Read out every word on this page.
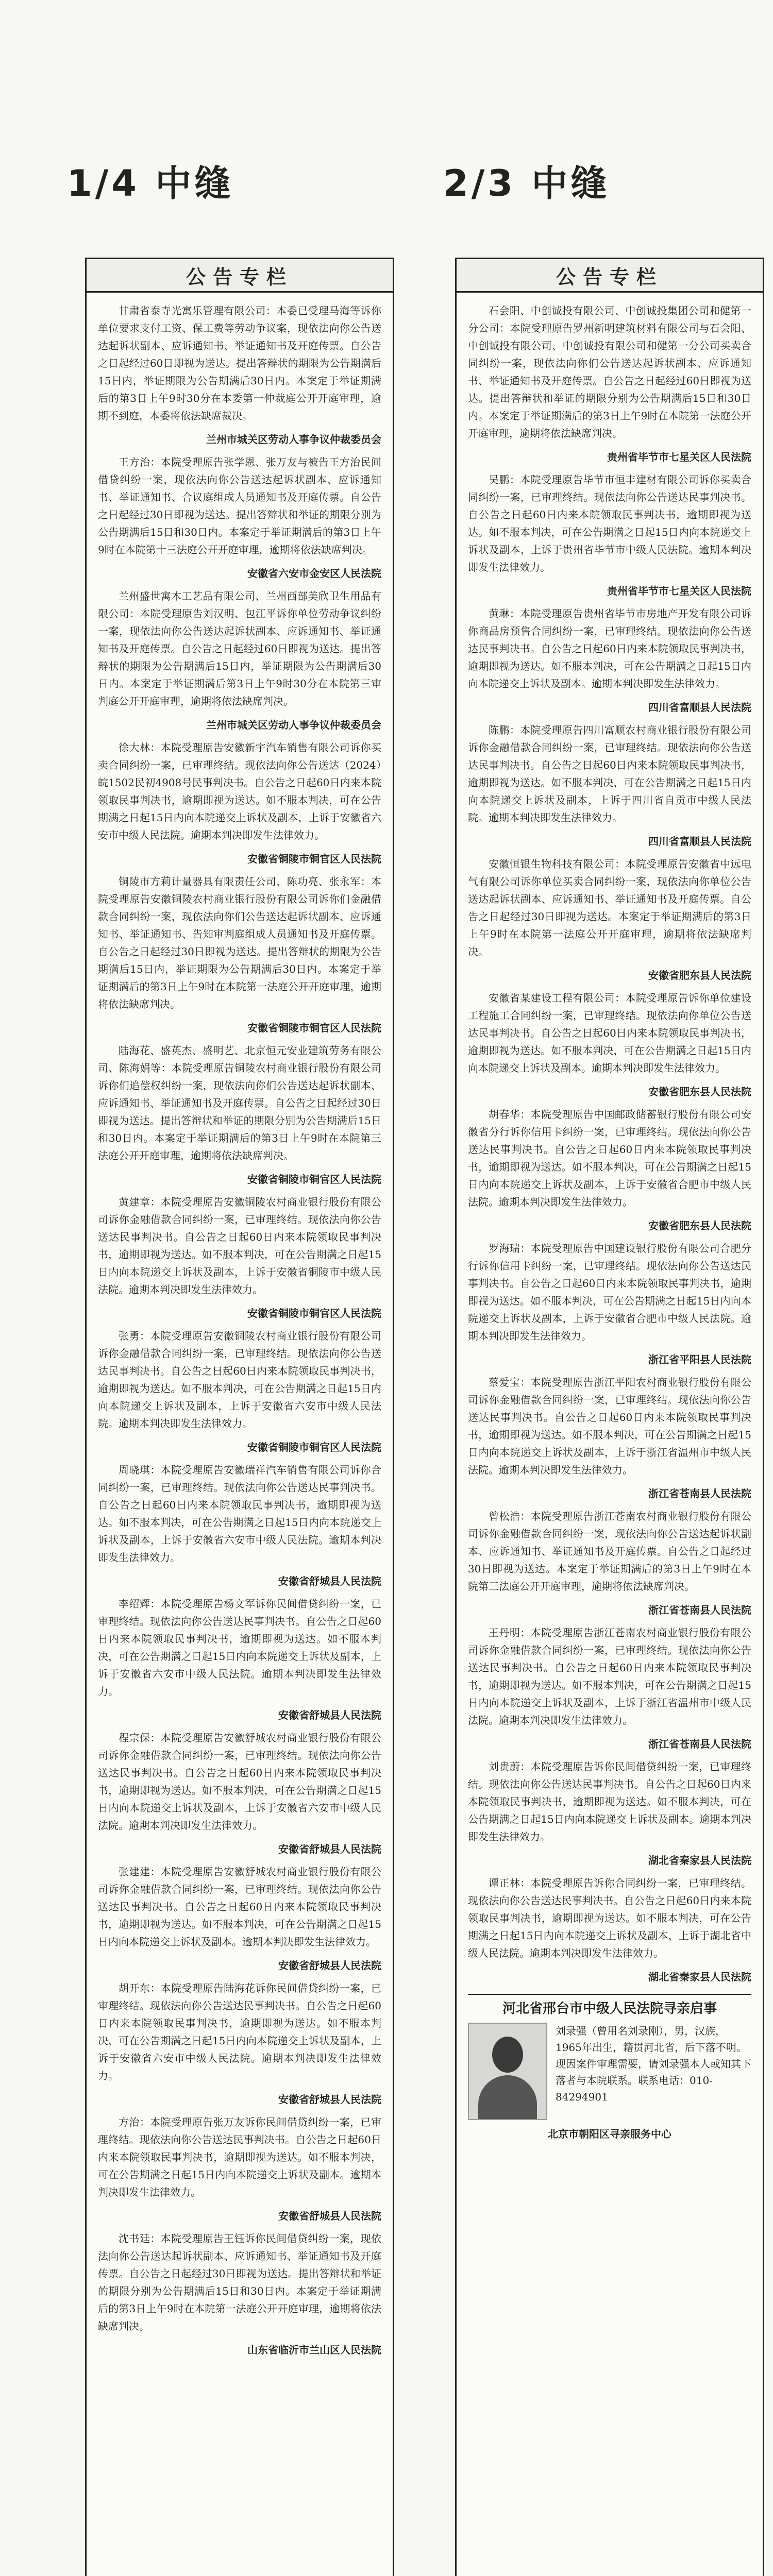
1/4 中缝	2/3 中缝
公告专栏

甘肃省泰寺光寓乐管理有限公司：本委已受理马海等诉你单位要求支付工资、保工费等劳动争议案，现依法向你公告送达起诉状副本、应诉通知书、举证通知书及开庭传票。自公告之日起经过60日即视为送达。提出答辩状的期限为公告期满后15日内，举证期限为公告期满后30日内。本案定于举证期满后的第3日上午9时30分在本委第一仲裁庭公开开庭审理，逾期不到庭，本委将依法缺席裁决。

兰州市城关区劳动人事争议仲裁委员会

王方治：本院受理原告张学恩、张万友与被告王方治民间借贷纠纷一案，现依法向你公告送达起诉状副本、应诉通知书、举证通知书、合议庭组成人员通知书及开庭传票。自公告之日起经过30日即视为送达。提出答辩状和举证的期限分别为公告期满后15日和30日内。本案定于举证期满后的第3日上午9时在本院第十三法庭公开开庭审理，逾期将依法缺席判决。

安徽省六安市金安区人民法院

兰州盛世寓木工艺品有限公司、兰州西部美欣卫生用品有限公司：本院受理原告刘汉明、包江平诉你单位劳动争议纠纷一案，现依法向你公告送达起诉状副本、应诉通知书、举证通知书及开庭传票。自公告之日起经过60日即视为送达。提出答辩状的期限为公告期满后15日内，举证期限为公告期满后30日内。本案定于举证期满后第3日上午9时30分在本院第三审判庭公开开庭审理，逾期将依法缺席判决。

兰州市城关区劳动人事争议仲裁委员会

徐大林：本院受理原告安徽新宇汽车销售有限公司诉你买卖合同纠纷一案，已审理终结。现依法向你公告送达（2024）皖1502民初4908号民事判决书。自公告之日起60日内来本院领取民事判决书，逾期即视为送达。如不服本判决，可在公告期满之日起15日内向本院递交上诉状及副本，上诉于安徽省六安市中级人民法院。逾期本判决即发生法律效力。

安徽省铜陵市铜官区人民法院

铜陵市方莉计量器具有限责任公司、陈功亮、张永军：本院受理原告安徽铜陵农村商业银行股份有限公司诉你们金融借款合同纠纷一案，现依法向你们公告送达起诉状副本、应诉通知书、举证通知书、告知审判庭组成人员通知书及开庭传票。自公告之日起经过30日即视为送达。提出答辩状的期限为公告期满后15日内，举证期限为公告期满后30日内。本案定于举证期满后的第3日上午9时在本院第一法庭公开开庭审理，逾期将依法缺席判决。

安徽省铜陵市铜官区人民法院

陆海花、盛英杰、盛明艺、北京恒元安业建筑劳务有限公司、陈海娟等：本院受理原告铜陵农村商业银行股份有限公司诉你们追偿权纠纷一案，现依法向你们公告送达起诉状副本、应诉通知书、举证通知书及开庭传票。自公告之日起经过30日即视为送达。提出答辩状和举证的期限分别为公告期满后15日和30日内。本案定于举证期满后的第3日上午9时在本院第三法庭公开开庭审理，逾期将依法缺席判决。

安徽省铜陵市铜官区人民法院

黄建章：本院受理原告安徽铜陵农村商业银行股份有限公司诉你金融借款合同纠纷一案，已审理终结。现依法向你公告送达民事判决书。自公告之日起60日内来本院领取民事判决书，逾期即视为送达。如不服本判决，可在公告期满之日起15日内向本院递交上诉状及副本，上诉于安徽省铜陵市中级人民法院。逾期本判决即发生法律效力。

安徽省铜陵市铜官区人民法院

张勇：本院受理原告安徽铜陵农村商业银行股份有限公司诉你金融借款合同纠纷一案，已审理终结。现依法向你公告送达民事判决书。自公告之日起60日内来本院领取民事判决书，逾期即视为送达。如不服本判决，可在公告期满之日起15日内向本院递交上诉状及副本，上诉于安徽省六安市中级人民法院。逾期本判决即发生法律效力。

安徽省铜陵市铜官区人民法院

周晓琪：本院受理原告安徽瑞祥汽车销售有限公司诉你合同纠纷一案，已审理终结。现依法向你公告送达民事判决书。自公告之日起60日内来本院领取民事判决书，逾期即视为送达。如不服本判决，可在公告期满之日起15日内向本院递交上诉状及副本，上诉于安徽省六安市中级人民法院。逾期本判决即发生法律效力。

安徽省舒城县人民法院

李绍辉：本院受理原告杨文军诉你民间借贷纠纷一案，已审理终结。现依法向你公告送达民事判决书。自公告之日起60日内来本院领取民事判决书，逾期即视为送达。如不服本判决，可在公告期满之日起15日内向本院递交上诉状及副本，上诉于安徽省六安市中级人民法院。逾期本判决即发生法律效力。

安徽省舒城县人民法院

程宗保：本院受理原告安徽舒城农村商业银行股份有限公司诉你金融借款合同纠纷一案，已审理终结。现依法向你公告送达民事判决书。自公告之日起60日内来本院领取民事判决书，逾期即视为送达。如不服本判决，可在公告期满之日起15日内向本院递交上诉状及副本，上诉于安徽省六安市中级人民法院。逾期本判决即发生法律效力。

安徽省舒城县人民法院

张建建：本院受理原告安徽舒城农村商业银行股份有限公司诉你金融借款合同纠纷一案，已审理终结。现依法向你公告送达民事判决书。自公告之日起60日内来本院领取民事判决书，逾期即视为送达。如不服本判决，可在公告期满之日起15日内向本院递交上诉状及副本。逾期本判决即发生法律效力。

安徽省舒城县人民法院

胡开东：本院受理原告陆海花诉你民间借贷纠纷一案，已审理终结。现依法向你公告送达民事判决书。自公告之日起60日内来本院领取民事判决书，逾期即视为送达。如不服本判决，可在公告期满之日起15日内向本院递交上诉状及副本，上诉于安徽省六安市中级人民法院。逾期本判决即发生法律效力。

安徽省舒城县人民法院

方治：本院受理原告张万友诉你民间借贷纠纷一案，已审理终结。现依法向你公告送达民事判决书。自公告之日起60日内来本院领取民事判决书，逾期即视为送达。如不服本判决，可在公告期满之日起15日内向本院递交上诉状及副本。逾期本判决即发生法律效力。

安徽省舒城县人民法院

沈书廷：本院受理原告王钰诉你民间借贷纠纷一案，现依法向你公告送达起诉状副本、应诉通知书、举证通知书及开庭传票。自公告之日起经过30日即视为送达。提出答辩状和举证的期限分别为公告期满后15日和30日内。本案定于举证期满后的第3日上午9时在本院第一法庭公开开庭审理，逾期将依法缺席判决。

山东省临沂市兰山区人民法院
公告专栏

石会阳、中创诚投有限公司、中创诚投集团公司和健第一分公司：本院受理原告罗州新明建筑材料有限公司与石会阳、中创诚投有限公司、中创诚投有限公司和健第一分公司买卖合同纠纷一案，现依法向你们公告送达起诉状副本、应诉通知书、举证通知书及开庭传票。自公告之日起经过60日即视为送达。提出答辩状和举证的期限分别为公告期满后15日和30日内。本案定于举证期满后的第3日上午9时在本院第一法庭公开开庭审理，逾期将依法缺席判决。

贵州省毕节市七星关区人民法院

吴鹏：本院受理原告毕节市恒丰建材有限公司诉你买卖合同纠纷一案，已审理终结。现依法向你公告送达民事判决书。自公告之日起60日内来本院领取民事判决书，逾期即视为送达。如不服本判决，可在公告期满之日起15日内向本院递交上诉状及副本，上诉于贵州省毕节市中级人民法院。逾期本判决即发生法律效力。

贵州省毕节市七星关区人民法院

黄琳：本院受理原告贵州省毕节市房地产开发有限公司诉你商品房预售合同纠纷一案，已审理终结。现依法向你公告送达民事判决书。自公告之日起60日内来本院领取民事判决书，逾期即视为送达。如不服本判决，可在公告期满之日起15日内向本院递交上诉状及副本。逾期本判决即发生法律效力。

四川省富顺县人民法院

陈鹏：本院受理原告四川富顺农村商业银行股份有限公司诉你金融借款合同纠纷一案，已审理终结。现依法向你公告送达民事判决书。自公告之日起60日内来本院领取民事判决书，逾期即视为送达。如不服本判决，可在公告期满之日起15日内向本院递交上诉状及副本，上诉于四川省自贡市中级人民法院。逾期本判决即发生法律效力。

四川省富顺县人民法院

安徽恒银生物科技有限公司：本院受理原告安徽省中远电气有限公司诉你单位买卖合同纠纷一案，现依法向你单位公告送达起诉状副本、应诉通知书、举证通知书及开庭传票。自公告之日起经过30日即视为送达。本案定于举证期满后的第3日上午9时在本院第一法庭公开开庭审理，逾期将依法缺席判决。

安徽省肥东县人民法院

安徽省某建设工程有限公司：本院受理原告诉你单位建设工程施工合同纠纷一案，已审理终结。现依法向你单位公告送达民事判决书。自公告之日起60日内来本院领取民事判决书，逾期即视为送达。如不服本判决，可在公告期满之日起15日内向本院递交上诉状及副本。逾期本判决即发生法律效力。

安徽省肥东县人民法院

胡春华：本院受理原告中国邮政储蓄银行股份有限公司安徽省分行诉你信用卡纠纷一案，已审理终结。现依法向你公告送达民事判决书。自公告之日起60日内来本院领取民事判决书，逾期即视为送达。如不服本判决，可在公告期满之日起15日内向本院递交上诉状及副本，上诉于安徽省合肥市中级人民法院。逾期本判决即发生法律效力。

安徽省肥东县人民法院

罗海瑞：本院受理原告中国建设银行股份有限公司合肥分行诉你信用卡纠纷一案，已审理终结。现依法向你公告送达民事判决书。自公告之日起60日内来本院领取民事判决书，逾期即视为送达。如不服本判决，可在公告期满之日起15日内向本院递交上诉状及副本，上诉于安徽省合肥市中级人民法院。逾期本判决即发生法律效力。

浙江省平阳县人民法院

蔡爱宝：本院受理原告浙江平阳农村商业银行股份有限公司诉你金融借款合同纠纷一案，已审理终结。现依法向你公告送达民事判决书。自公告之日起60日内来本院领取民事判决书，逾期即视为送达。如不服本判决，可在公告期满之日起15日内向本院递交上诉状及副本，上诉于浙江省温州市中级人民法院。逾期本判决即发生法律效力。

浙江省苍南县人民法院

曾松浩：本院受理原告浙江苍南农村商业银行股份有限公司诉你金融借款合同纠纷一案，现依法向你公告送达起诉状副本、应诉通知书、举证通知书及开庭传票。自公告之日起经过30日即视为送达。本案定于举证期满后的第3日上午9时在本院第三法庭公开开庭审理，逾期将依法缺席判决。

浙江省苍南县人民法院

王丹明：本院受理原告浙江苍南农村商业银行股份有限公司诉你金融借款合同纠纷一案，已审理终结。现依法向你公告送达民事判决书。自公告之日起60日内来本院领取民事判决书，逾期即视为送达。如不服本判决，可在公告期满之日起15日内向本院递交上诉状及副本，上诉于浙江省温州市中级人民法院。逾期本判决即发生法律效力。

浙江省苍南县人民法院

刘贵蔚：本院受理原告诉你民间借贷纠纷一案，已审理终结。现依法向你公告送达民事判决书。自公告之日起60日内来本院领取民事判决书，逾期即视为送达。如不服本判决，可在公告期满之日起15日内向本院递交上诉状及副本。逾期本判决即发生法律效力。

湖北省秦家县人民法院

谭正林：本院受理原告诉你合同纠纷一案，已审理终结。现依法向你公告送达民事判决书。自公告之日起60日内来本院领取民事判决书，逾期即视为送达。如不服本判决，可在公告期满之日起15日内向本院递交上诉状及副本，上诉于湖北省中级人民法院。逾期本判决即发生法律效力。

湖北省秦家县人民法院
河北省邢台市中级人民法院寻亲启事
刘录强（曾用名刘录刚），男，汉族，1965年出生，籍贯河北省，后下落不明。现因案件审理需要，请刘录强本人或知其下落者与本院联系。联系电话：010-84294901
北京市朝阳区寻亲服务中心
